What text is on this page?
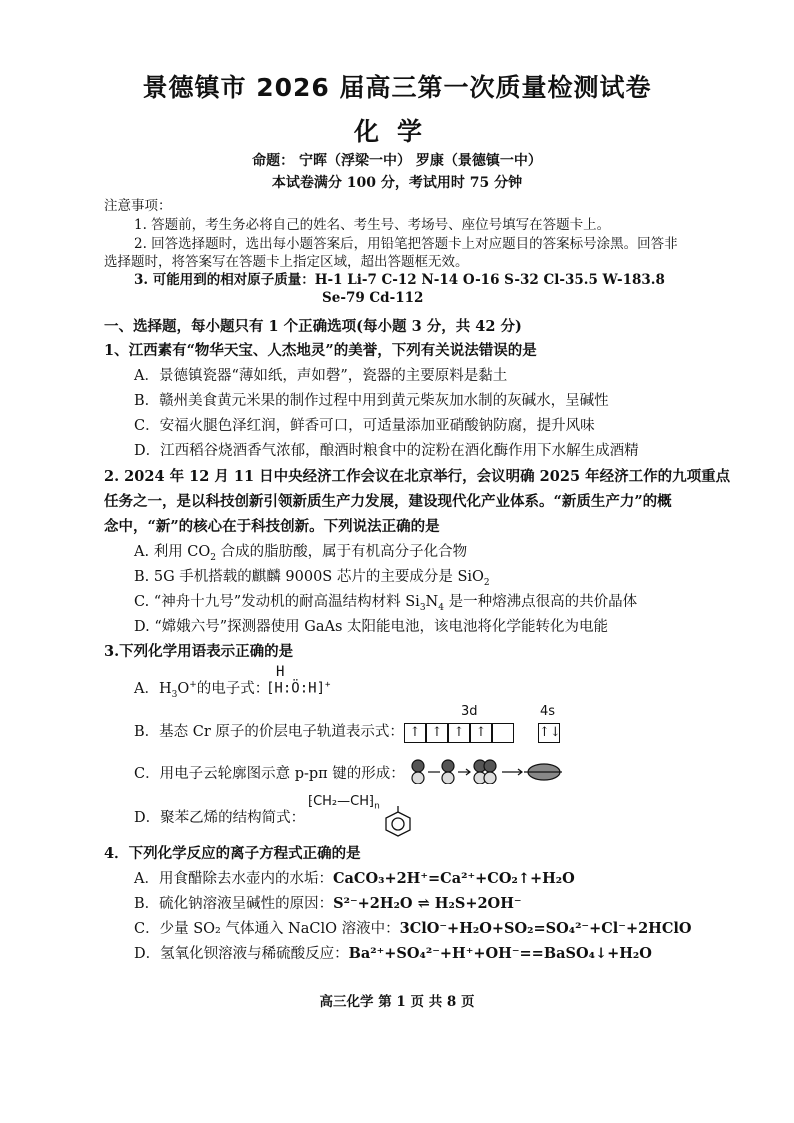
景德镇市 2026 届高三第一次质量检测试卷
化学
命题： 宁晖（浮梁一中） 罗康（景德镇一中）
本试卷满分 100 分，考试用时 75 分钟
注意事项：
1. 答题前，考生务必将自己的姓名、考生号、考场号、座位号填写在答题卡上。
2. 回答选择题时，选出每小题答案后，用铅笔把答题卡上对应题目的答案标号涂黑。回答非
选择题时，将答案写在答题卡上指定区域，超出答题框无效。
3. 可能用到的相对原子质量：H-1 Li-7 C-12 N-14 O-16 S-32 Cl-35.5 W-183.8
Se-79 Cd-112
一、选择题，每小题只有 1 个正确选项(每小题 3 分，共 42 分)
1、江西素有“物华天宝、人杰地灵”的美誉，下列有关说法错误的是
A．景德镇瓷器“薄如纸，声如磬”，瓷器的主要原料是黏土
B．赣州美食黄元米果的制作过程中用到黄元柴灰加水制的灰碱水，呈碱性
C．安福火腿色泽红润，鲜香可口，可适量添加亚硝酸钠防腐，提升风味
D．江西稻谷烧酒香气浓郁，酿酒时粮食中的淀粉在酒化酶作用下水解生成酒精
2. 2024 年 12 月 11 日中央经济工作会议在北京举行，会议明确 2025 年经济工作的九项重点
任务之一，是以科技创新引领新质生产力发展，建设现代化产业体系。“新质生产力”的概
念中，“新”的核心在于科技创新。下列说法正确的是
A. 利用 $CO_2$ 合成的脂肪酸，属于有机高分子化合物
B. 5G 手机搭载的麒麟 9000S 芯片的主要成分是 SiO$_2$
C. “神舟十九号”发动机的耐高温结构材料 $Si_3N_4$ 是一种熔沸点很高的共价晶体
D. “嫦娥六号”探测器使用 GaAs 太阳能电池，该电池将化学能转化为电能
3.下列化学用语表示正确的是
A．$H_3O^+$的电子式：
H
[H:Ö:H]+
B．基态 Cr 原子的价层电子轨道表示式：
3d	4s
↑ ↑ ↑ ↑	↑↓
C．用电子云轮廓图示意 p-pπ 键的形成：
D．聚苯乙烯的结构简式：
$⁅CH_2—CH⁆_n$
4．下列化学反应的离子方程式正确的是
A．用食醋除去水壶内的水垢：CaCO₃+2H⁺=Ca²⁺+CO₂↑+H₂O
B．硫化钠溶液呈碱性的原因：S²⁻+2H₂O ⇌ H₂S+2OH⁻
C．少量 SO₂ 气体通入 NaClO 溶液中：3ClO⁻+H₂O+SO₂=SO₄²⁻+Cl⁻+2HClO
D．氢氧化钡溶液与稀硫酸反应：Ba²⁺+SO₄²⁻+H⁺+OH⁻==BaSO₄↓+H₂O
高三化学 第 1 页 共 8 页
